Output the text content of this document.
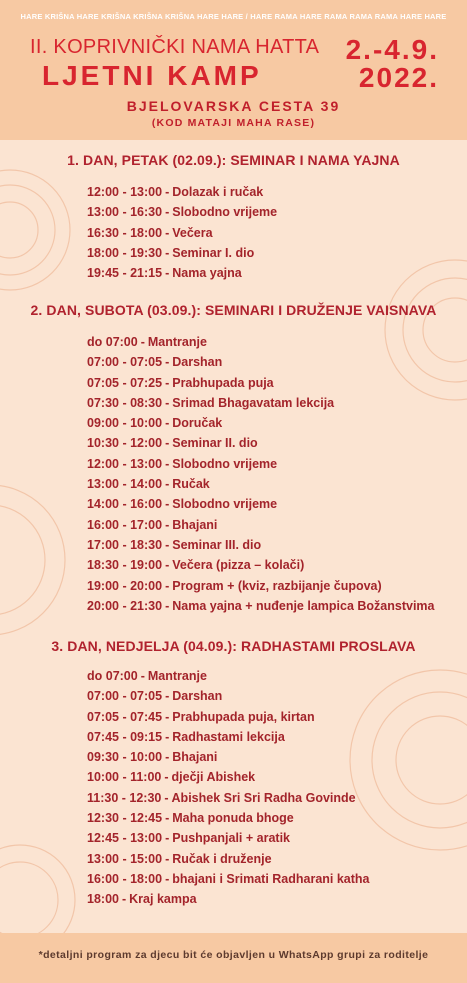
HARE KRIŠNA HARE KRIŠNA KRIŠNA KRIŠNA HARE HARE / HARE RAMA HARE RAMA RAMA RAMA HARE HARE
II. KOPRIVNIČKI NAMA HATTA
LJETNI KAMP
2.-4.9.
2022.
BJELOVARSKA CESTA 39
(KOD MATAJI MAHA RASE)
1. DAN, PETAK (02.09.): SEMINAR I NAMA YAJNA
12:00 - 13:00 - Dolazak i ručak
13:00 - 16:30 - Slobodno vrijeme
16:30 - 18:00 - Večera
18:00 - 19:30 - Seminar I. dio
19:45 - 21:15 - Nama yajna
2. DAN, SUBOTA (03.09.): SEMINARI I DRUŽENJE VAISNAVA
do 07:00 - Mantranje
07:00 - 07:05 - Darshan
07:05 - 07:25 - Prabhupada puja
07:30 - 08:30 - Srimad Bhagavatam lekcija
09:00 - 10:00 - Doručak
10:30 - 12:00 - Seminar II. dio
12:00 - 13:00 - Slobodno vrijeme
13:00 - 14:00 - Ručak
14:00 - 16:00 - Slobodno vrijeme
16:00 - 17:00 - Bhajani
17:00 - 18:30 - Seminar III. dio
18:30 - 19:00 - Večera (pizza – kolači)
19:00 - 20:00 - Program + (kviz, razbijanje čupova)
20:00 - 21:30 - Nama yajna + nuđenje lampica Božanstvima
3. DAN, NEDJELJA (04.09.): RADHASTAMI PROSLAVA
do 07:00 - Mantranje
07:00 - 07:05 - Darshan
07:05 - 07:45 - Prabhupada puja, kirtan
07:45 - 09:15 - Radhastami lekcija
09:30 - 10:00 - Bhajani
10:00 - 11:00 - dječji Abishek
11:30 - 12:30 - Abishek Sri Sri Radha Govinde
12:30 - 12:45 - Maha ponuda bhoge
12:45 - 13:00 - Pushpanjali + aratik
13:00 - 15:00 - Ručak i druženje
16:00 - 18:00 - bhajani i Srimati Radharani katha
18:00 - Kraj kampa
*detaljni program za djecu bit će objavljen u WhatsApp grupi za roditelje
